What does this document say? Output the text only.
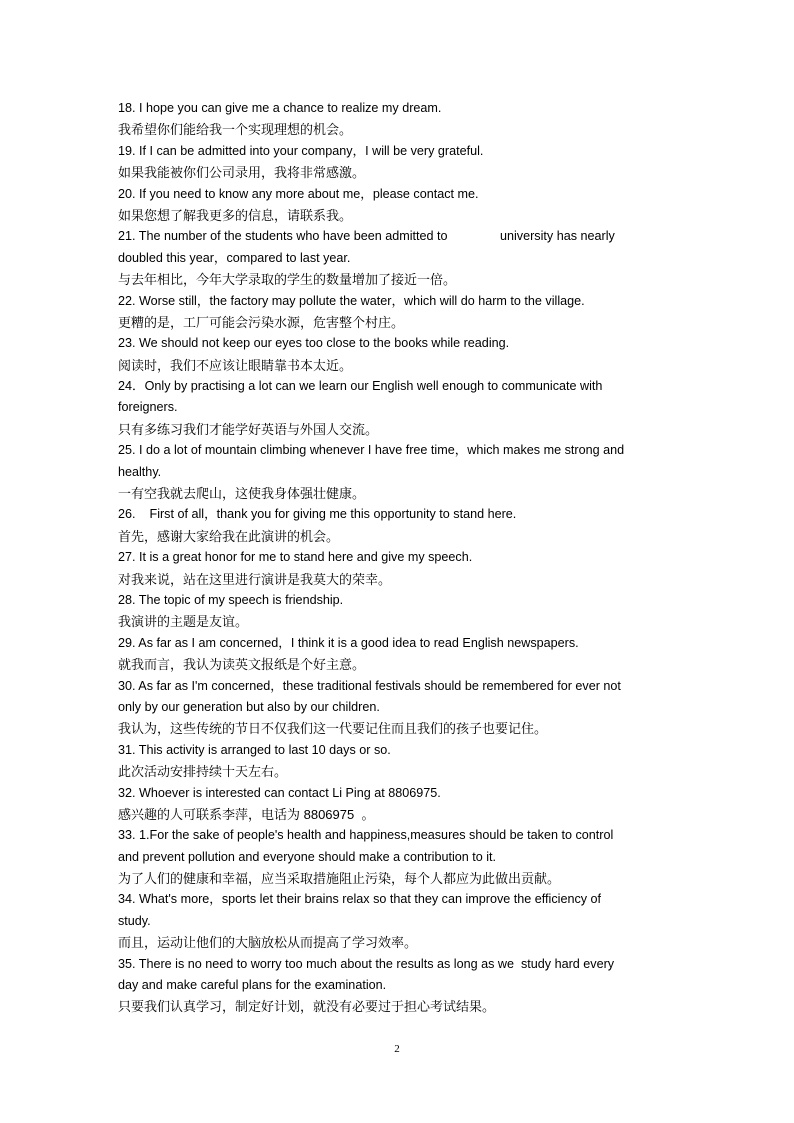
18. I hope you can give me a chance to realize my dream.
我希望你们能给我一个实现理想的机会。
19. If I can be admitted into your company，I will be very grateful.
如果我能被你们公司录用，我将非常感激。
20. If you need to know any more about me，please contact me.
如果您想了解我更多的信息，请联系我。
21. The number of the students who have been admitted to               university has nearly
doubled this year，compared to last year.
与去年相比，今年大学录取的学生的数量增加了接近一倍。
22. Worse still，the factory may pollute the water，which will do harm to the village.
更糟的是，工厂可能会污染水源，危害整个村庄。
23. We should not keep our eyes too close to the books while reading.
阅读时，我们不应该让眼睛靠书本太近。
24．Only by practising a lot can we learn our English well enough to communicate with
foreigners.
只有多练习我们才能学好英语与外国人交流。
25. I do a lot of mountain climbing whenever I have free time，which makes me strong and
healthy.
一有空我就去爬山，这使我身体强壮健康。
26.    First of all，thank you for giving me this opportunity to stand here.
首先，感谢大家给我在此演讲的机会。
27. It is a great honor for me to stand here and give my speech.
对我来说，站在这里进行演讲是我莫大的荣幸。
28. The topic of my speech is friendship.
我演讲的主题是友谊。
29. As far as I am concerned，I think it is a good idea to read English newspapers.
就我而言，我认为读英文报纸是个好主意。
30. As far as I'm concerned，these traditional festivals should be remembered for ever not
only by our generation but also by our children.
我认为，这些传统的节日不仅我们这一代要记住而且我们的孩子也要记住。
31. This activity is arranged to last 10 days or so.
此次活动安排持续十天左右。
32. Whoever is interested can contact Li Ping at 8806975.
感兴趣的人可联系李萍，电话为 8806975  。
33. 1.For the sake of people's health and happiness,measures should be taken to control
and prevent pollution and everyone should make a contribution to it.
为了人们的健康和幸福，应当采取措施阻止污染，每个人都应为此做出贡献。
34. What's more，sports let their brains relax so that they can improve the efficiency of
study.
而且，运动让他们的大脑放松从而提高了学习效率。
35. There is no need to worry too much about the results as long as we  study hard every
day and make careful plans for the examination.
只要我们认真学习，制定好计划，就没有必要过于担心考试结果。
2
